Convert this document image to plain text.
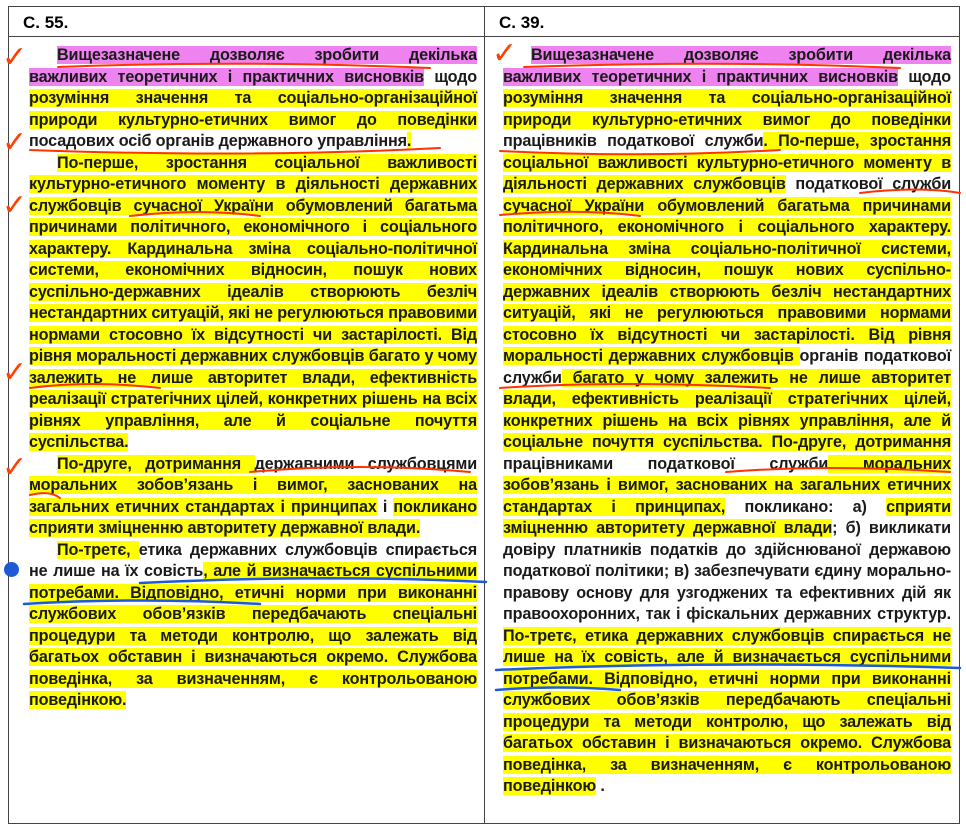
С. 55.
Вищезазначене дозволяє зробити декілька важливих теоретичних і практичних висновків щодо розуміння значення та соціально-організаційної природи культурно-етичних вимог до поведінки посадових осіб органів державного управління.
По-перше, зростання соціальної важливості культурно-етичного моменту в діяльності державних службовців сучасної України обумовлений багатьма причинами політичного, економічного і соціального характеру. Кардинальна зміна соціально-політичної системи, економічних відносин, пошук нових суспільно-державних ідеалів створюють безліч нестандартних ситуацій, які не регулюються правовими нормами стосовно їх відсутності чи застарілості. Від рівня моральності державних службовців багато у чому залежить не лише авторитет влади, ефективність реалізації стратегічних цілей, конкретних рішень на всіх рівнях управління, але й соціальне почуття суспільства.
По-друге, дотримання державними службовцями моральних зобов’язань і вимог, заснованих на загальних етичних стандартах і принципах і покликано сприяти зміцненню авторитету державної влади.
По-третє, етика державних службовців спирається не лише на їх совість, але й визначається суспільними потребами. Відповідно, етичні норми при виконанні службових обов’язків передбачають спеціальні процедури та методи контролю, що залежать від багатьох обставин і визначаються окремо. Службова поведінка, за визначенням, є контрольованою поведінкою.
С. 39.
Вищезазначене дозволяє зробити декілька важливих теоретичних і практичних висновків щодо розуміння значення та соціально-організаційної природи культурно-етичних вимог до поведінки працівників податкової служби. По-перше, зростання соціальної важливості культурно-етичного моменту в діяльності державних службовців податкової служби сучасної України обумовлений багатьма причинами політичного, економічного і соціального характеру. Кардинальна зміна соціально-політичної системи, економічних відносин, пошук нових суспільно-державних ідеалів створюють безліч нестандартних ситуацій, які не регулюються правовими нормами стосовно їх відсутності чи застарілості. Від рівня моральності державних службовців органів податкової служби багато у чому залежить не лише авторитет влади, ефективність реалізації стратегічних цілей, конкретних рішень на всіх рівнях управління, але й соціальне почуття суспільства. По-друге, дотримання працівниками податкової служби моральних зобов’язань і вимог, заснованих на загальних етичних стандартах і принципах, покликано: а) сприяти зміцненню авторитету державної влади; б) викликати довіру платників податків до здійснюваної державою податкової політики; в) забезпечувати єдину морально-правову основу для узгоджених та ефективних дій як правоохоронних, так і фіскальних державних структур. По-третє, етика державних службовців спирається не лише на їх совість, але й визначається суспільними потребами. Відповідно, етичні норми при виконанні службових обов’язків передбачають спеціальні процедури та методи контролю, що залежать від багатьох обставин і визначаються окремо. Службова поведінка, за визначенням, є контрольованою поведінкою .
✓
✓
✓
✓
✓
✓
